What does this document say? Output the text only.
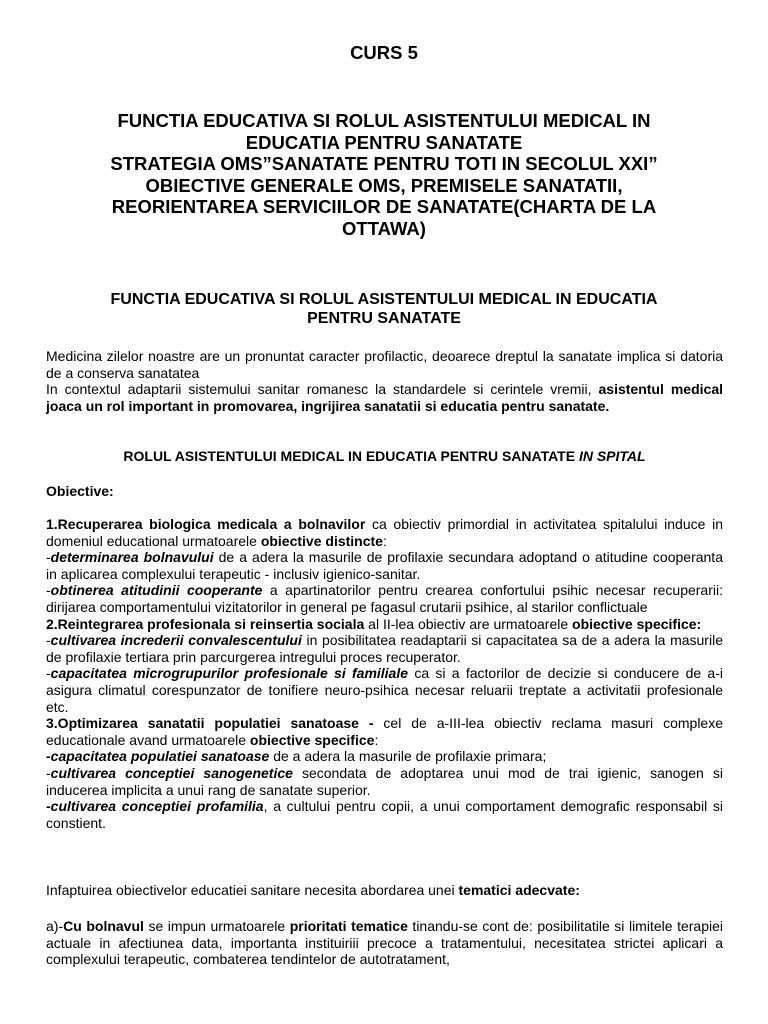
CURS 5
FUNCTIA EDUCATIVA SI ROLUL ASISTENTULUI MEDICAL IN
EDUCATIA PENTRU SANATATE
STRATEGIA OMS”SANATATE PENTRU TOTI IN SECOLUL XXI”
OBIECTIVE GENERALE OMS, PREMISELE SANATATII,
REORIENTAREA SERVICIILOR DE SANATATE(CHARTA DE LA
OTTAWA)
FUNCTIA EDUCATIVA SI ROLUL ASISTENTULUI MEDICAL IN EDUCATIA
PENTRU SANATATE

Medicina zilelor noastre are un pronuntat caracter profilactic, deoarece dreptul la sanatate implica si datoria de a conserva sanatatea

In contextul adaptarii sistemului sanitar romanesc la standardele si cerintele vremii, asistentul medical joaca un rol important in promovarea, ingrijirea sanatatii si educatia pentru sanatate.

ROLUL ASISTENTULUI MEDICAL IN EDUCATIA PENTRU SANATATE IN SPITAL

Obiective:

1.Recuperarea biologica medicala a bolnavilor ca obiectiv primordial in activitatea spitalului induce in domeniul educational urmatoarele obiective distincte:

-determinarea bolnavului de a adera la masurile de profilaxie secundara adoptand o atitudine cooperanta in aplicarea complexului terapeutic - inclusiv igienico-sanitar.

-obtinerea atitudinii cooperante a apartinatorilor pentru crearea confortului psihic necesar recuperarii: dirijarea comportamentului vizitatorilor in general pe fagasul crutarii psihice, al starilor conflictuale

2.Reintegrarea profesionala si reinsertia sociala al II-lea obiectiv are urmatoarele obiective specifice:

-cultivarea increderii convalescentului in posibilitatea readaptarii si capacitatea sa de a adera la masurile de profilaxie tertiara prin parcurgerea intregului proces recuperator.

-capacitatea microgrupurilor profesionale si familiale ca si a factorilor de decizie si conducere de a-i asigura climatul corespunzator de tonifiere neuro-psihica necesar reluarii treptate a activitatii profesionale etc.

3.Optimizarea sanatatii populatiei sanatoase - cel de a-III-lea obiectiv reclama masuri complexe educationale avand urmatoarele obiective specifice:

-capacitatea populatiei sanatoase de a adera la masurile de profilaxie primara;

-cultivarea conceptiei sanogenetice secondata de adoptarea unui mod de trai igienic, sanogen si inducerea implicita a unui rang de sanatate superior.

-cultivarea conceptiei profamilia, a cultului pentru copii, a unui comportament demografic responsabil si constient.

Infaptuirea obiectivelor educatiei sanitare necesita abordarea unei tematici adecvate:

a)-Cu bolnavul se impun urmatoarele prioritati tematice tinandu-se cont de: posibilitatile si limitele terapiei actuale in afectiunea data, importanta instituiriii precoce a tratamentului, necesitatea strictei aplicari a complexului terapeutic, combaterea tendintelor de autotratament,
